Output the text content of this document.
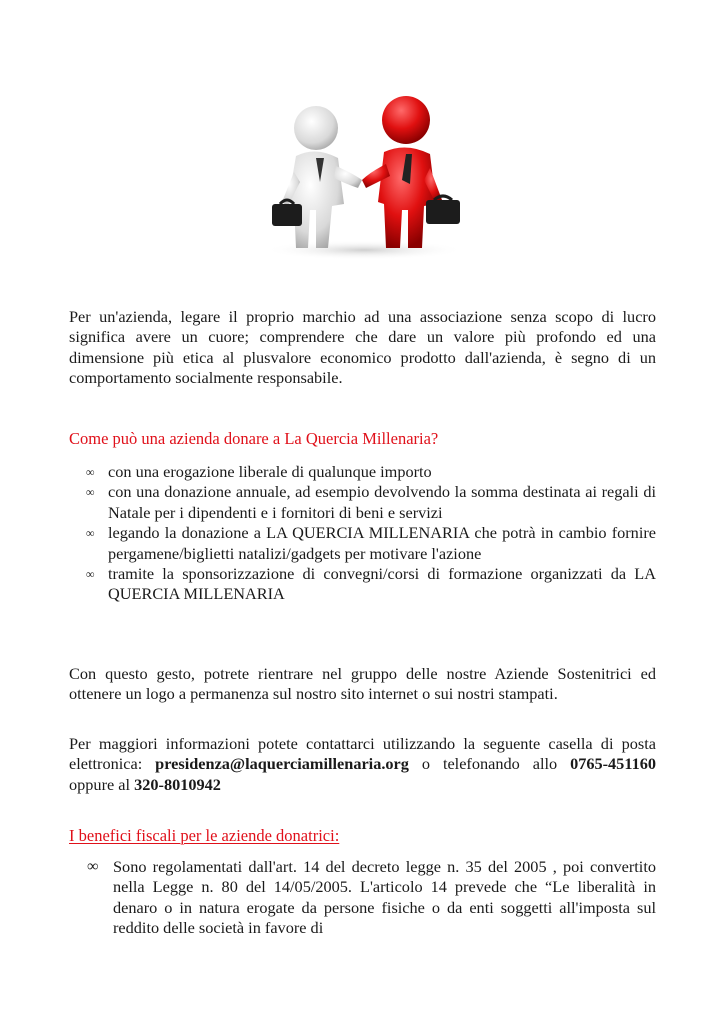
Per un'azienda, legare il proprio marchio ad una associazione senza scopo di lucro significa avere un cuore; comprendere che dare un valore più profondo ed una dimensione più etica al plusvalore economico prodotto dall'azienda, è segno di un comportamento socialmente responsabile.

Come può una azienda donare a La Quercia Millenaria?
∞ con una erogazione liberale di qualunque importo
∞ con una donazione annuale, ad esempio devolvendo la somma destinata ai regali di Natale per i dipendenti e i fornitori di beni e servizi
∞ legando la donazione a LA QUERCIA MILLENARIA che potrà in cambio fornire pergamene/biglietti natalizi/gadgets per motivare l'azione
∞ tramite la sponsorizzazione di convegni/corsi di formazione organizzati da LA QUERCIA MILLENARIA

Con questo gesto, potrete rientrare nel gruppo delle nostre Aziende Sostenitrici ed ottenere un logo a permanenza sul nostro sito internet o sui nostri stampati.

Per maggiori informazioni potete contattarci utilizzando la seguente casella di posta elettronica: presidenza@laquerciamillenaria.org o telefonando allo 0765-451160 oppure al 320-8010942

I benefici fiscali per le aziende donatrici:
∞ Sono regolamentati dall'art. 14 del decreto legge n. 35 del 2005 , poi convertito nella Legge n. 80 del 14/05/2005. L'articolo 14 prevede che “Le liberalità in denaro o in natura erogate da persone fisiche o da enti soggetti all'imposta sul reddito delle società in favore di
